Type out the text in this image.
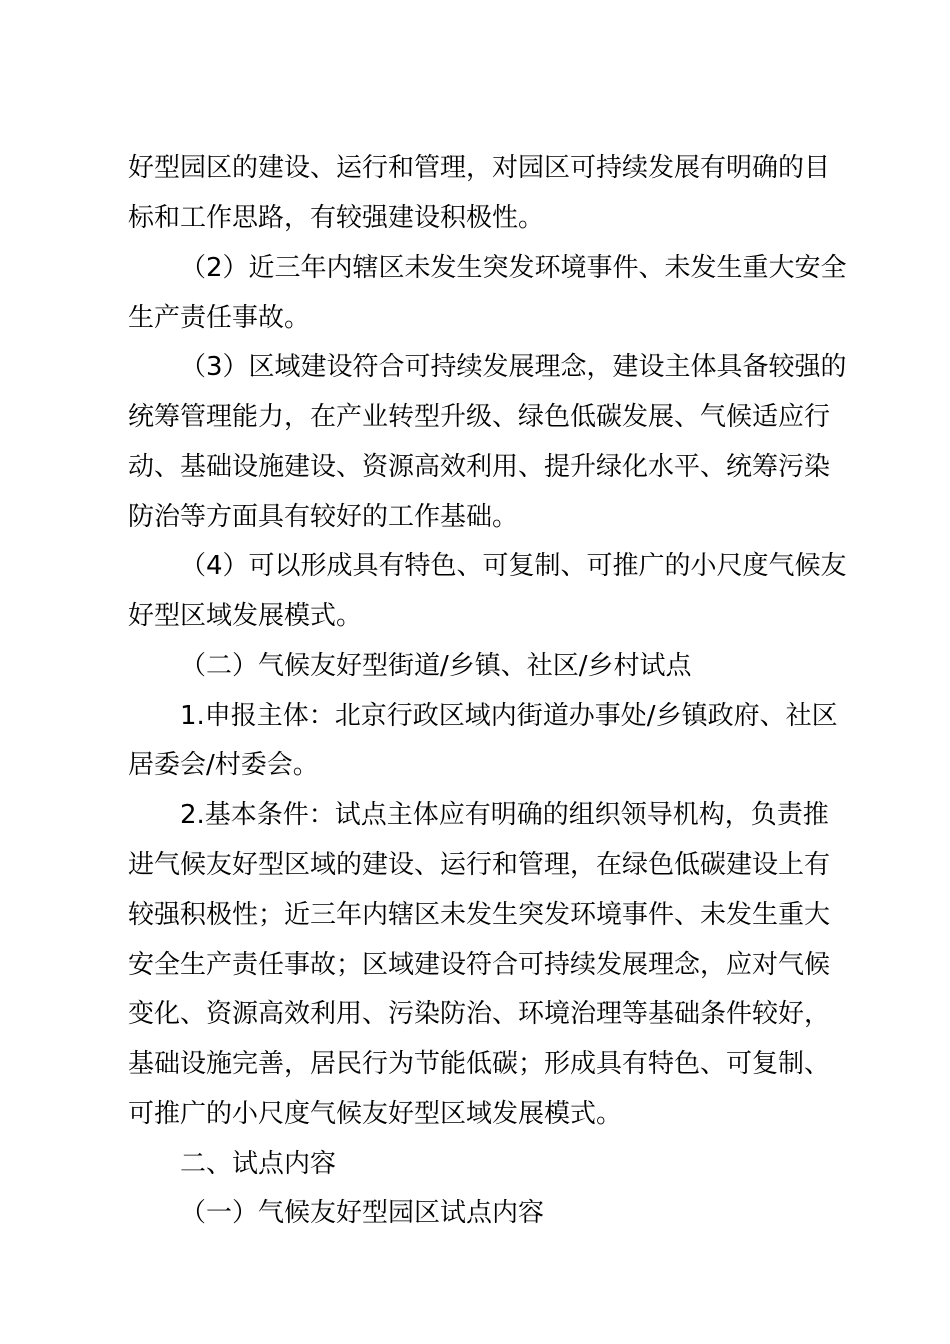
好型园区的建设、运行和管理，对园区可持续发展有明确的目
标和工作思路，有较强建设积极性。
（2）近三年内辖区未发生突发环境事件、未发生重大安全
生产责任事故。
（3）区域建设符合可持续发展理念，建设主体具备较强的
统筹管理能力，在产业转型升级、绿色低碳发展、气候适应行
动、基础设施建设、资源高效利用、提升绿化水平、统筹污染
防治等方面具有较好的工作基础。
（4）可以形成具有特色、可复制、可推广的小尺度气候友
好型区域发展模式。
（二）气候友好型街道/乡镇、社区/乡村试点
1.申报主体：北京行政区域内街道办事处/乡镇政府、社区
居委会/村委会。
2.基本条件：试点主体应有明确的组织领导机构，负责推
进气候友好型区域的建设、运行和管理，在绿色低碳建设上有
较强积极性；近三年内辖区未发生突发环境事件、未发生重大
安全生产责任事故；区域建设符合可持续发展理念，应对气候
变化、资源高效利用、污染防治、环境治理等基础条件较好，
基础设施完善，居民行为节能低碳；形成具有特色、可复制、
可推广的小尺度气候友好型区域发展模式。
二、试点内容
（一）气候友好型园区试点内容
